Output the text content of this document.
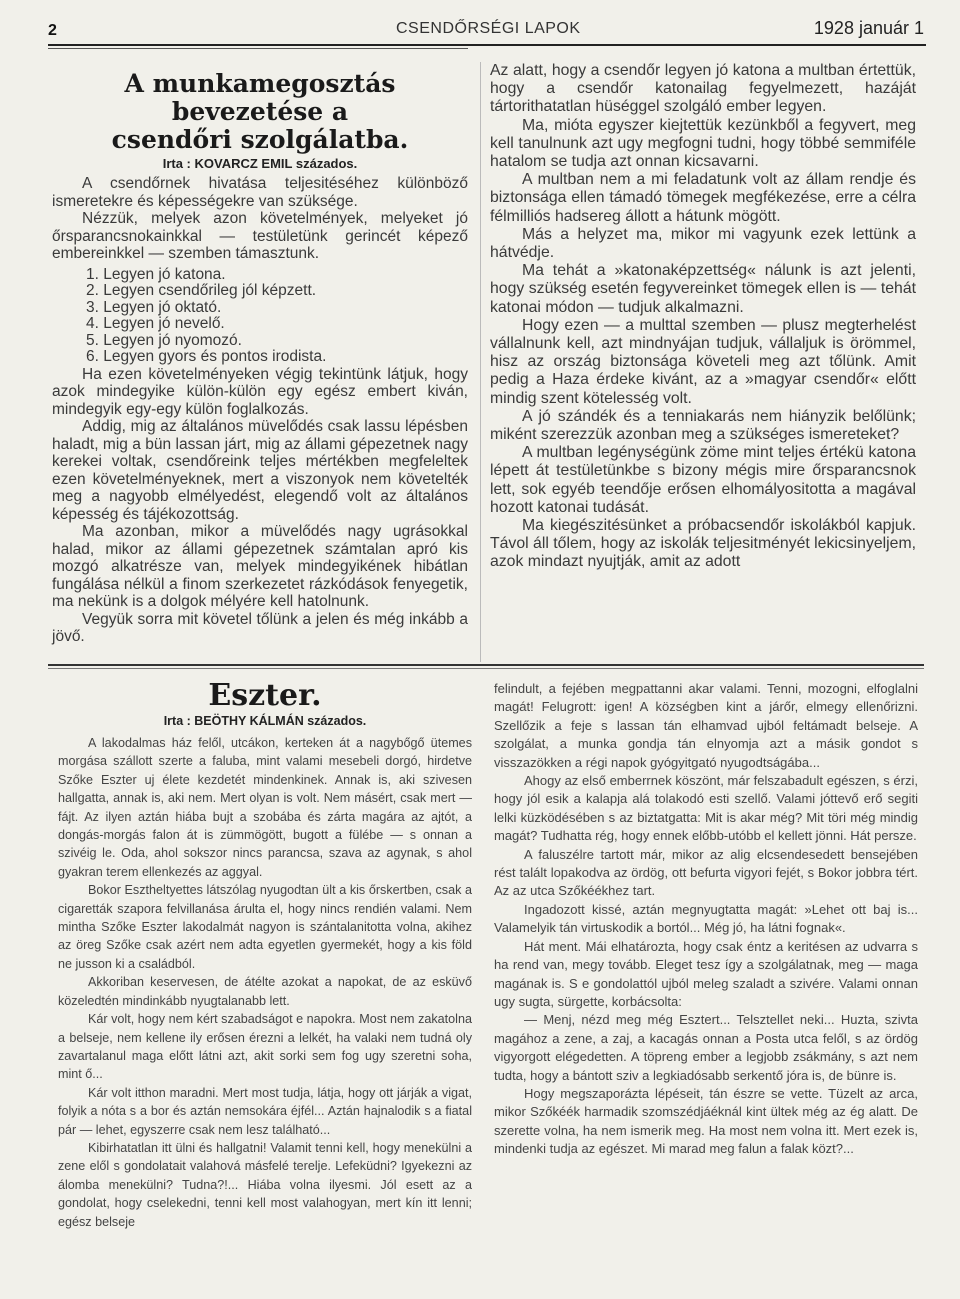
2	CSENDŐRSÉGI LAPOK	1928 január 1
A munkamegosztás bevezetése a
csendőri szolgálatba.
Irta : KOVARCZ EMIL százados.

A csendőrnek hivatása teljesitéséhez különböző ismeretekre és képességekre van szüksége.

Nézzük, melyek azon követelmények, melyeket jó őrsparancsnokainkkal — testületünk gerincét képező embereinkkel — szemben támasztunk.

1. Legyen jó katona.
2. Legyen csendőrileg jól képzett.
3. Legyen jó oktató.
4. Legyen jó nevelő.
5. Legyen jó nyomozó.
6. Legyen gyors és pontos irodista.

Ha ezen követelményeken végig tekintünk látjuk, hogy azok mindegyike külön-külön egy egész embert kiván, mindegyik egy-egy külön foglalkozás.

Addig, mig az általános müvelődés csak lassu lépésben haladt, mig a bün lassan járt, mig az állami gépezetnek nagy kerekei voltak, csendőreink teljes mértékben megfeleltek ezen követelményeknek, mert a viszonyok nem követelték meg a nagyobb elmélyedést, elegendő volt az általános képesség és tájékozottság.

Ma azonban, mikor a müvelődés nagy ugrásokkal halad, mikor az állami gépezetnek számtalan apró kis mozgó alkatrésze van, melyek mindegyikének hibátlan fungálása nélkül a finom szerkezetet rázkódások fenyegetik, ma nekünk is a dolgok mélyére kell hatolnunk.

Vegyük sorra mit követel tőlünk a jelen és még inkább a jövő.

Az alatt, hogy a csendőr legyen jó katona a multban értettük, hogy a csendőr katonailag fegyelmezett, hazáját tártorithatatlan hüséggel szolgáló ember legyen.

Ma, mióta egyszer kiejtettük kezünkből a fegyvert, meg kell tanulnunk azt ugy megfogni tudni, hogy többé semmiféle hatalom se tudja azt onnan kicsavarni.

A multban nem a mi feladatunk volt az állam rendje és biztonsága ellen támadó tömegek megfékezése, erre a célra félmilliós hadsereg állott a hátunk mögött.

Más a helyzet ma, mikor mi vagyunk ezek lettünk a hátvédje.

Ma tehát a »katonaképzettség« nálunk is azt jelenti, hogy szükség esetén fegyvereinket tömegek ellen is — tehát katonai módon — tudjuk alkalmazni.

Hogy ezen — a multtal szemben — plusz megterhelést vállalnunk kell, azt mindnyájan tudjuk, vállaljuk is örömmel, hisz az ország biztonsága követeli meg azt tőlünk. Amit pedig a Haza érdeke kivánt, az a »magyar csendőr« előtt mindig szent kötelesség volt.

A jó szándék és a tenniakarás nem hiányzik belőlünk; miként szerezzük azonban meg a szükséges ismereteket?

A multban legénységünk zöme mint teljes értékü katona lépett át testületünkbe s bizony mégis mire őrsparancsnok lett, sok egyéb teendője erősen elhomályositotta a magával hozott katonai tudását.

Ma kiegészitésünket a próbacsendőr iskolákból kapjuk. Távol áll tőlem, hogy az iskolák teljesitményét lekicsinyeljem, azok mindazt nyujtják, amit az adott

Eszter.
Irta : BEÖTHY KÁLMÁN százados.

A lakodalmas ház felől, utcákon, kerteken át a nagybőgő ütemes morgása szállott szerte a faluba, mint valami mesebeli dorgó, hirdetve Szőke Eszter uj élete kezdetét mindenkinek. Annak is, aki szivesen hallgatta, annak is, aki nem. Mert olyan is volt. Nem másért, csak mert — fájt. Az ilyen aztán hiába bujt a szobába és zárta magára az ajtót, a dongás-morgás falon át is zümmögött, bugott a fülébe — s onnan a szivéig le. Oda, ahol sokszor nincs parancsa, szava az agynak, s ahol gyakran terem ellenkezés az aggyal.

Bokor Esztheltyettes látszólag nyugodtan ült a kis őrskertben, csak a cigaretták szapora felvillanása árulta el, hogy nincs rendién valami. Nem mintha Szőke Eszter lakodalmát nagyon is szántalanitotta volna, akihez az öreg Szőke csak azért nem adta egyetlen gyermekét, hogy a kis föld ne jusson ki a családból.

Akkoriban keservesen, de átélte azokat a napokat, de az esküvő közeledtén mindinkább nyugtalanabb lett.

Kár volt, hogy nem kért szabadságot e napokra. Most nem zakatolna a belseje, nem kellene ily erősen érezni a lelkét, ha valaki nem tudná oly zavartalanul maga előtt látni azt, akit sorki sem fog ugy szeretni soha, mint ő...

Kár volt itthon maradni. Mert most tudja, látja, hogy ott járják a vigat, folyik a nóta s a bor és aztán nemsokára éjfél... Aztán hajnalodik s a fiatal pár — lehet, egyszerre csak nem lesz található...

Kibirhatatlan itt ülni és hallgatni! Valamit tenni kell, hogy menekülni a zene elől s gondolatait valahová másfelé terelje. Lefeküdni? Igyekezni az álomba menekülni? Tudna?!... Hiába volna ilyesmi. Jól esett az a gondolat, hogy cselekedni, tenni kell most valahogyan, mert kín itt lenni; egész belseje

felindult, a fejében megpattanni akar valami. Tenni, mozogni, elfoglalni magát! Felugrott: igen! A községben kint a járőr, elmegy ellenőrizni. Szellőzik a feje s lassan tán elhamvad ujból feltámadt belseje. A szolgálat, a munka gondja tán elnyomja azt a másik gondot s visszazökken a régi napok gyógyitgató nyugodtságába...

Ahogy az első emberrnek köszönt, már felszabadult egészen, s érzi, hogy jól esik a kalapja alá tolakodó esti szellő. Valami jóttevő erő segiti lelki küzködésében s az biztatgatta: Mit is akar még? Mit töri még mindig magát? Tudhatta rég, hogy ennek előbb-utóbb el kellett jönni. Hát persze.

A faluszélre tartott már, mikor az alig elcsendesedett bensejében rést talált lopakodva az ördög, ott befurta vigyori fejét, s Bokor jobbra tért. Az az utca Szőkéékhez tart.

Ingadozott kissé, aztán megnyugtatta magát: »Lehet ott baj is... Valamelyik tán virtuskodik a bortól... Még jó, ha látni fognak«.

Hát ment. Mái elhatározta, hogy csak éntz a keritésen az udvarra s ha rend van, megy tovább. Eleget tesz így a szolgálatnak, meg — maga magának is. S e gondolattól ujból meleg szaladt a szivére. Valami onnan ugy sugta, sürgette, korbácsolta:

— Menj, nézd meg még Esztert... Telsztellet neki... Huzta, szivta magához a zene, a zaj, a kacagás onnan a Posta utca felől, s az ördög vigyorgott elégedetten. A töpreng ember a legjobb zsákmány, s azt nem tudta, hogy a bántott sziv a legkiadósabb serkentő jóra is, de bünre is.

Hogy megszaporázta lépéseit, tán észre se vette. Tüzelt az arca, mikor Szőkéék harmadik szomszédjáéknál kint ültek még az ég alatt. De szerette volna, ha nem ismerik meg. Ha most nem volna itt. Mert ezek is, mindenki tudja az egészet. Mi marad meg falun a falak közt?...
